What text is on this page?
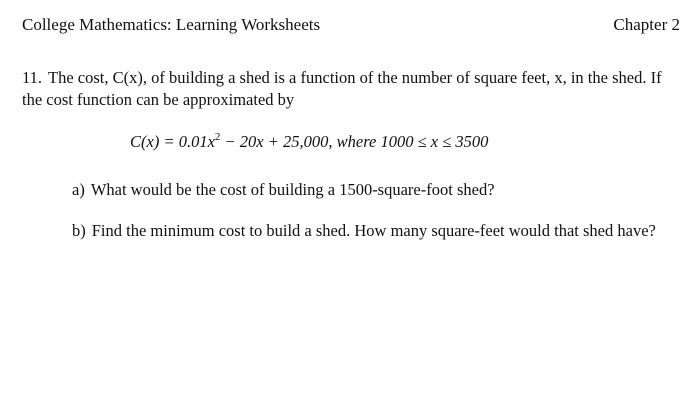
College Mathematics: Learning Worksheets	Chapter 2
11. The cost, C(x), of building a shed is a function of the number of square feet, x, in the shed. If the cost function can be approximated by
$C(x) = 0.01x^2 - 20x + 25,000$, where 1000 ≤ x ≤ 3500
a) What would be the cost of building a 1500-square-foot shed?
b) Find the minimum cost to build a shed. How many square-feet would that shed have?
